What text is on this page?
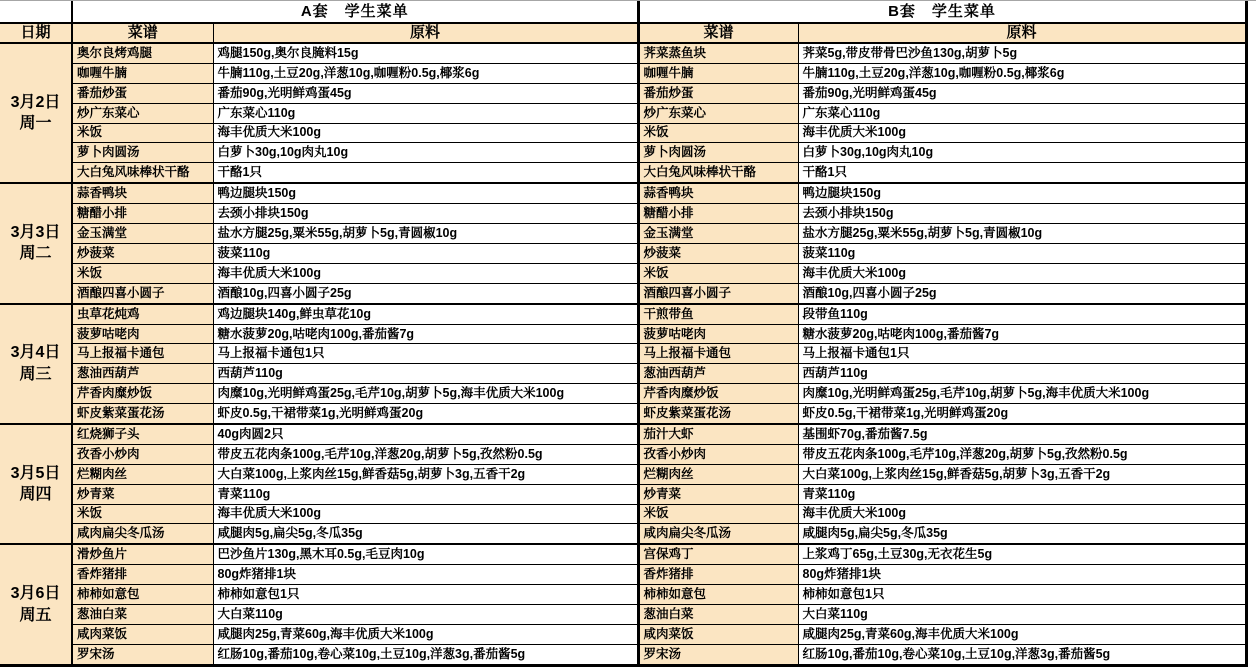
	A套　学生菜单		B套　学生菜单	
日期	菜谱	原料	菜谱	原料

3月2日
周一	奥尔良烤鸡腿	鸡腿150g,奥尔良腌料15g	荠菜蒸鱼块	荠菜5g,带皮带骨巴沙鱼130g,胡萝卜5g
	咖喱牛腩	牛腩110g,土豆20g,洋葱10g,咖喱粉0.5g,椰浆6g	咖喱牛腩	牛腩110g,土豆20g,洋葱10g,咖喱粉0.5g,椰浆6g
	番茄炒蛋	番茄90g,光明鲜鸡蛋45g	番茄炒蛋	番茄90g,光明鲜鸡蛋45g
	炒广东菜心	广东菜心110g	炒广东菜心	广东菜心110g
	米饭	海丰优质大米100g	米饭	海丰优质大米100g
	萝卜肉圆汤	白萝卜30g,10g肉丸10g	萝卜肉圆汤	白萝卜30g,10g肉丸10g
	大白兔风味棒状干酪	干酪1只	大白兔风味棒状干酪	干酪1只

3月3日
周二	蒜香鸭块	鸭边腿块150g	蒜香鸭块	鸭边腿块150g
	糖醋小排	去颈小排块150g	糖醋小排	去颈小排块150g
	金玉满堂	盐水方腿25g,粟米55g,胡萝卜5g,青圆椒10g	金玉满堂	盐水方腿25g,粟米55g,胡萝卜5g,青圆椒10g
	炒菠菜	菠菜110g	炒菠菜	菠菜110g
	米饭	海丰优质大米100g	米饭	海丰优质大米100g
	酒酿四喜小圆子	酒酿10g,四喜小圆子25g	酒酿四喜小圆子	酒酿10g,四喜小圆子25g

3月4日
周三	虫草花炖鸡	鸡边腿块140g,鲜虫草花10g	干煎带鱼	段带鱼110g
	菠萝咕咾肉	糖水菠萝20g,咕咾肉100g,番茄酱7g	菠萝咕咾肉	糖水菠萝20g,咕咾肉100g,番茄酱7g
	马上报福卡通包	马上报福卡通包1只	马上报福卡通包	马上报福卡通包1只
	葱油西葫芦	西葫芦110g	葱油西葫芦	西葫芦110g
	芹香肉糜炒饭	肉糜10g,光明鲜鸡蛋25g,毛芹10g,胡萝卜5g,海丰优质大米100g	芹香肉糜炒饭	肉糜10g,光明鲜鸡蛋25g,毛芹10g,胡萝卜5g,海丰优质大米100g
	虾皮紫菜蛋花汤	虾皮0.5g,干裙带菜1g,光明鲜鸡蛋20g	虾皮紫菜蛋花汤	虾皮0.5g,干裙带菜1g,光明鲜鸡蛋20g

3月5日
周四	红烧狮子头	40g肉圆2只	茄汁大虾	基围虾70g,番茄酱7.5g
	孜香小炒肉	带皮五花肉条100g,毛芹10g,洋葱20g,胡萝卜5g,孜然粉0.5g	孜香小炒肉	带皮五花肉条100g,毛芹10g,洋葱20g,胡萝卜5g,孜然粉0.5g
	烂糊肉丝	大白菜100g,上浆肉丝15g,鲜香菇5g,胡萝卜3g,五香干2g	烂糊肉丝	大白菜100g,上浆肉丝15g,鲜香菇5g,胡萝卜3g,五香干2g
	炒青菜	青菜110g	炒青菜	青菜110g
	米饭	海丰优质大米100g	米饭	海丰优质大米100g
	咸肉扁尖冬瓜汤	咸腿肉5g,扁尖5g,冬瓜35g	咸肉扁尖冬瓜汤	咸腿肉5g,扁尖5g,冬瓜35g

3月6日
周五	滑炒鱼片	巴沙鱼片130g,黑木耳0.5g,毛豆肉10g	宫保鸡丁	上浆鸡丁65g,土豆30g,无衣花生5g
	香炸猪排	80g炸猪排1块	香炸猪排	80g炸猪排1块
	柿柿如意包	柿柿如意包1只	柿柿如意包	柿柿如意包1只
	葱油白菜	大白菜110g	葱油白菜	大白菜110g
	咸肉菜饭	咸腿肉25g,青菜60g,海丰优质大米100g	咸肉菜饭	咸腿肉25g,青菜60g,海丰优质大米100g
	罗宋汤	红肠10g,番茄10g,卷心菜10g,土豆10g,洋葱3g,番茄酱5g	罗宋汤	红肠10g,番茄10g,卷心菜10g,土豆10g,洋葱3g,番茄酱5g
